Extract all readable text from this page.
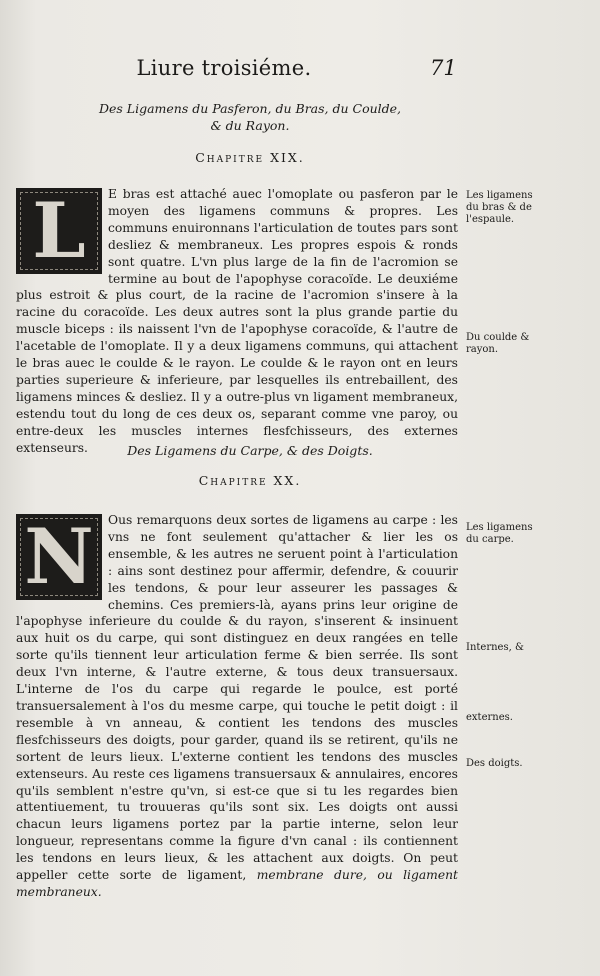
Liure troisiéme.	71
Des Ligamens du Pasferon, du Bras, du Coulde,
& du Rayon.
Chapitre XIX.
L	E bras est attaché auec l'omoplate ou pasferon par le moyen des ligamens communs & propres. Les communs enuironnans l'articulation de toutes pars sont desliez & membraneux. Les propres espois & ronds sont quatre. L'vn plus large de la fin de l'acromion se termine au bout de l'apophyse coracoïde. Le deuxiéme plus estroit & plus court, de la racine de l'acromion s'insere à la racine du coracoïde. Les deux autres sont la plus grande partie du muscle biceps : ils naissent l'vn de l'apophyse coracoïde, & l'autre de l'acetable de l'omoplate. Il y a deux ligamens communs, qui attachent le bras auec le coulde & le rayon. Le coulde & le rayon ont en leurs parties superieure & inferieure, par lesquelles ils entrebaillent, des ligamens minces & desliez. Il y a outre-plus vn ligament membraneux, estendu tout du long de ces deux os, separant comme vne paroy, ou entre-deux les muscles internes flesfchisseurs, des externes extenseurs.	Des Ligamens du Carpe, & des Doigts.
Chapitre XX.
N	Ous remarquons deux sortes de ligamens au carpe : les vns ne font seulement qu'attacher & lier les os ensemble, & les autres ne seruent point à l'articulation : ains sont destinez pour affermir, defendre, & couurir les tendons, & pour leur asseurer les passages & chemins. Ces premiers-là, ayans prins leur origine de l'apophyse inferieure du coulde & du rayon, s'inserent & insinuent aux huit os du carpe, qui sont distinguez en deux rangées en telle sorte qu'ils tiennent leur articulation ferme & bien serrée. Ils sont deux l'vn interne, & l'autre externe, & tous deux transuersaux. L'interne de l'os du carpe qui regarde le poulce, est porté transuersalement à l'os du mesme carpe, qui touche le petit doigt : il resemble à vn anneau, & contient les tendons des muscles flesfchisseurs des doigts, pour garder, quand ils se retirent, qu'ils ne sortent de leurs lieux. L'externe contient les tendons des muscles extenseurs. Au reste ces ligamens transuersaux & annulaires, encores qu'ils semblent n'estre qu'vn, si est-ce que si tu les regardes bien attentiuement, tu trouueras qu'ils sont six. Les doigts ont aussi chacun leurs ligamens portez par la partie interne, selon leur longueur, representans comme la figure d'vn canal : ils contiennent les tendons en leurs lieux, & les attachent aux doigts. On peut appeller cette sorte de ligament, membrane dure, ou ligament membraneux.

Les ligamens du bras & de l'espaule.
Du coulde & rayon.
Les ligamens du carpe.
Internes, &
externes.
Des doigts.
